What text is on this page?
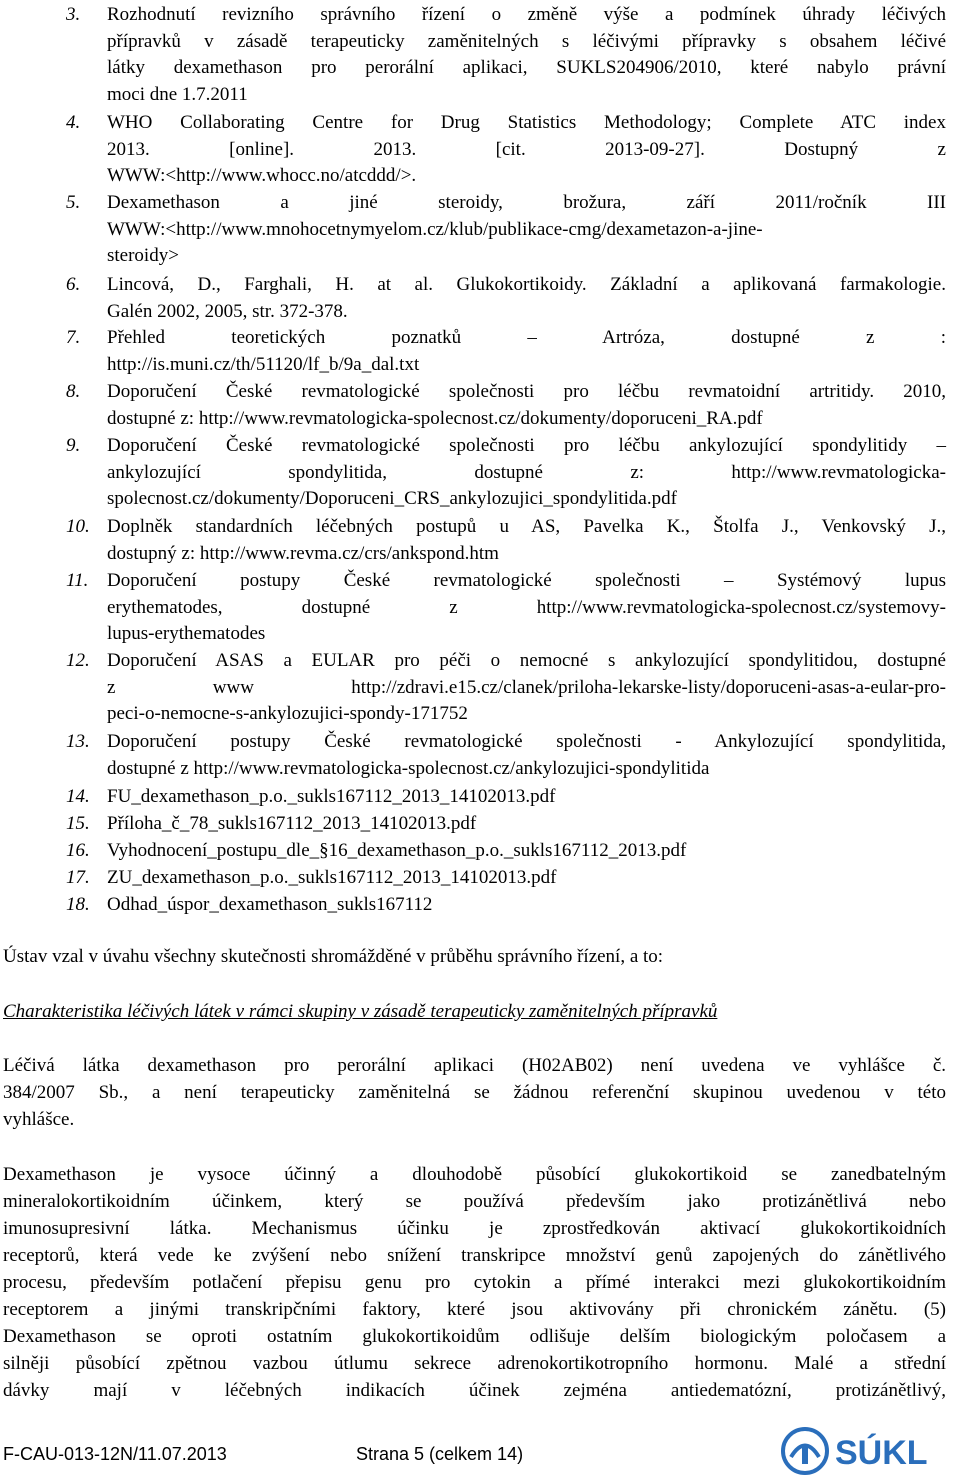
3. Rozhodnutí revizního správního řízení o změně výše a podmínek úhrady léčivých
přípravků v zásadě terapeuticky zaměnitelných s léčivými přípravky s obsahem léčivé
látky dexamethason pro perorální aplikaci, SUKLS204906/2010, které nabylo právní
moci dne 1.7.2011
4. WHO Collaborating Centre for Drug Statistics Methodology; Complete ATC index
2013. [online]. 2013. [cit. 2013-09-27]. Dostupný z
WWW:<http://www.whocc.no/atcddd/>.
5. Dexamethason a jiné steroidy, brožura, září 2011/ročník III
WWW:<http://www.mnohocetnymyelom.cz/klub/publikace-cmg/dexametazon-a-jine-
steroidy>
6. Lincová, D., Farghali, H. at al. Glukokortikoidy. Základní a aplikovaná farmakologie.
Galén 2002, 2005, str. 372-378.
7. Přehled teoretických poznatků – Artróza, dostupné z :
http://is.muni.cz/th/51120/lf_b/9a_dal.txt
8. Doporučení České revmatologické společnosti pro léčbu revmatoidní artritidy. 2010,
dostupné z: http://www.revmatologicka-spolecnost.cz/dokumenty/doporuceni_RA.pdf
9. Doporučení České revmatologické společnosti pro léčbu ankylozující spondylitidy –
ankylozující spondylitida, dostupné z: http://www.revmatologicka-
spolecnost.cz/dokumenty/Doporuceni_CRS_ankylozujici_spondylitida.pdf
10. Doplněk standardních léčebných postupů u AS, Pavelka K., Štolfa J., Venkovský J.,
dostupný z: http://www.revma.cz/crs/ankspond.htm
11. Doporučení postupy České revmatologické společnosti – Systémový lupus
erythematodes, dostupné z http://www.revmatologicka-spolecnost.cz/systemovy-
lupus-erythematodes
12. Doporučení ASAS a EULAR pro péči o nemocné s ankylozující spondylitidou, dostupné
z www http://zdravi.e15.cz/clanek/priloha-lekarske-listy/doporuceni-asas-a-eular-pro-
peci-o-nemocne-s-ankylozujici-spondy-171752
13. Doporučení postupy České revmatologické společnosti - Ankylozující spondylitida,
dostupné z http://www.revmatologicka-spolecnost.cz/ankylozujici-spondylitida
14. FU_dexamethason_p.o._sukls167112_2013_14102013.pdf
15. Příloha_č_78_sukls167112_2013_14102013.pdf
16. Vyhodnocení_postupu_dle_§16_dexamethason_p.o._sukls167112_2013.pdf
17. ZU_dexamethason_p.o._sukls167112_2013_14102013.pdf
18. Odhad_úspor_dexamethason_sukls167112
Ústav vzal v úvahu všechny skutečnosti shromážděné v průběhu správního řízení, a to:
Charakteristika léčivých látek v rámci skupiny v zásadě terapeuticky zaměnitelných přípravků
Léčivá látka dexamethason pro perorální aplikaci (H02AB02) není uvedena ve vyhlášce č.
384/2007 Sb., a není terapeuticky zaměnitelná se žádnou referenční skupinou uvedenou v této
vyhlášce.
Dexamethason je vysoce účinný a dlouhodobě působící glukokortikoid se zanedbatelným
mineralokortikoidním účinkem, který se používá především jako protizánětlivá nebo
imunosupresivní látka. Mechanismus účinku je zprostředkován aktivací glukokortikoidních
receptorů, která vede ke zvýšení nebo snížení transkripce množství genů zapojených do zánětlivého
procesu, především potlačení přepisu genu pro cytokin a přímé interakci mezi glukokortikoidním
receptorem a jinými transkripčními faktory, které jsou aktivovány při chronickém zánětu. (5)
Dexamethason se oproti ostatním glukokortikoidům odlišuje delším biologickým poločasem a
silněji působící zpětnou vazbou útlumu sekrece adrenokortikotropního hormonu. Malé a střední
dávky mají v léčebných indikacích účinek zejména antiedematózní, protizánětlivý,
F-CAU-013-12N/11.07.2013	Strana 5 (celkem 14)	SÚKL
